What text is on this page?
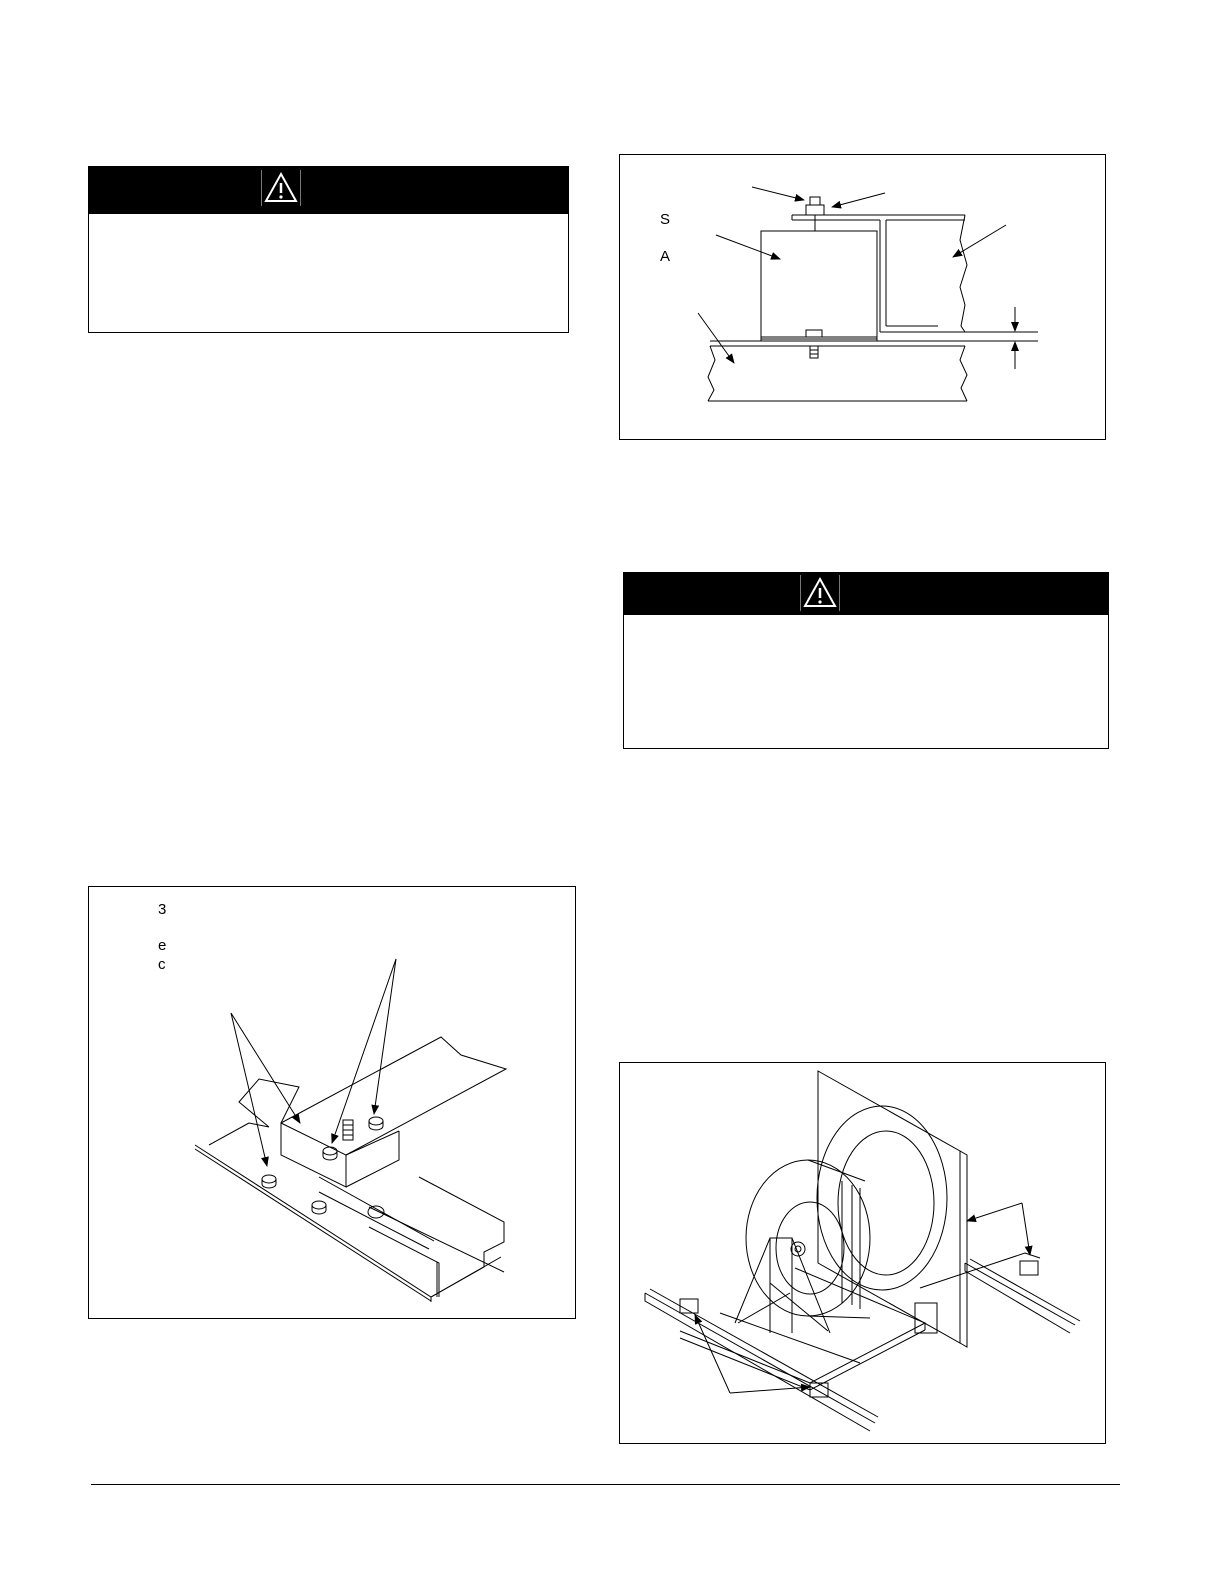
S
A
3
e
c
